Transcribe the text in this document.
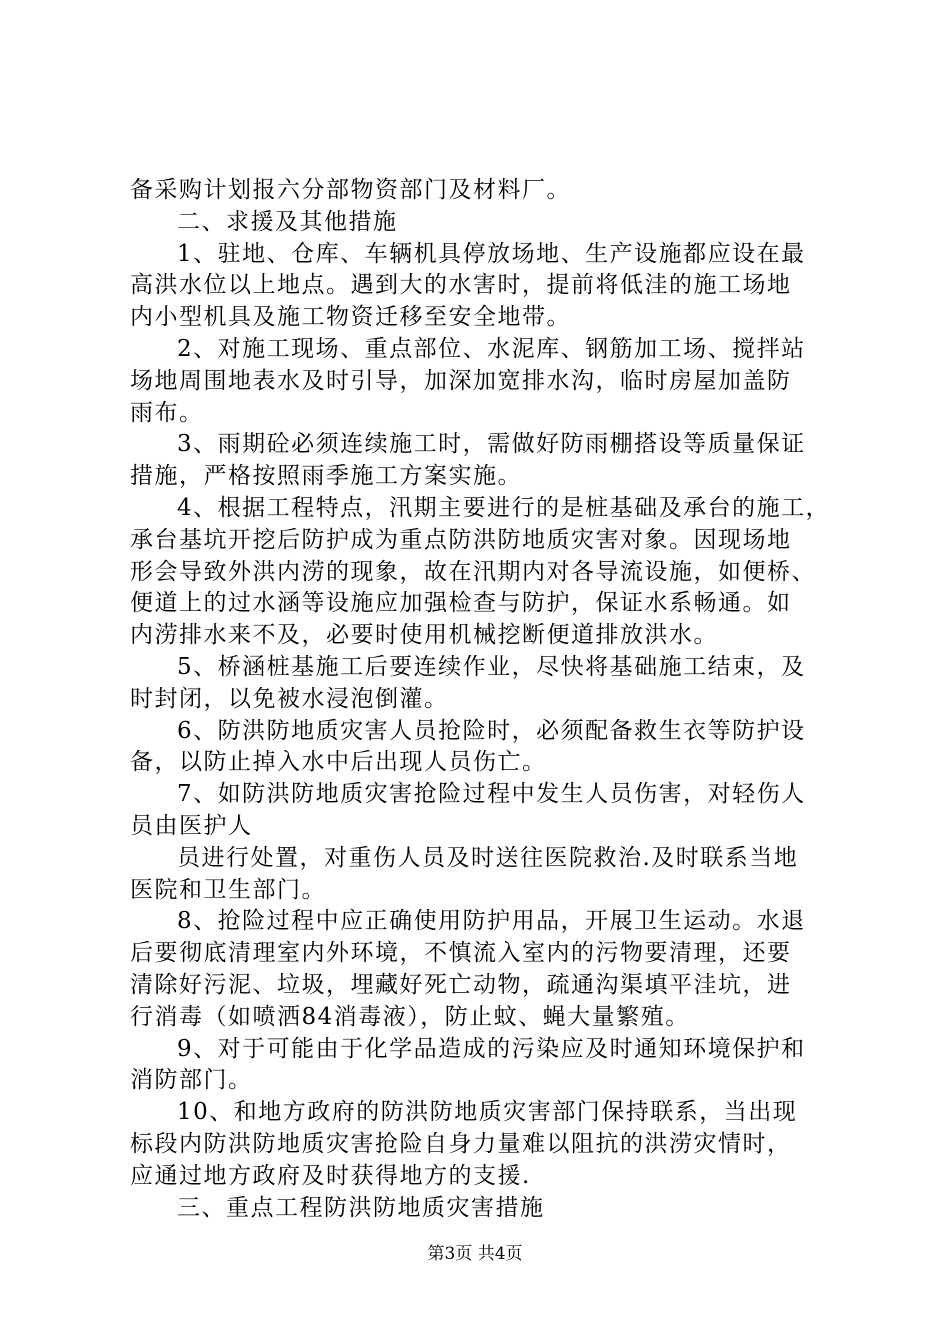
备采购计划报六分部物资部门及材料厂。
二、求援及其他措施
1、驻地、仓库、车辆机具停放场地、生产设施都应设在最
高洪水位以上地点。遇到大的水害时，提前将低洼的施工场地
内小型机具及施工物资迁移至安全地带。
2、对施工现场、重点部位、水泥库、钢筋加工场、搅拌站
场地周围地表水及时引导，加深加宽排水沟，临时房屋加盖防
雨布。
3、雨期砼必须连续施工时，需做好防雨棚搭设等质量保证
措施，严格按照雨季施工方案实施。
4、根据工程特点，汛期主要进行的是桩基础及承台的施工，
承台基坑开挖后防护成为重点防洪防地质灾害对象。因现场地
形会导致外洪内涝的现象，故在汛期内对各导流设施，如便桥、
便道上的过水涵等设施应加强检查与防护，保证水系畅通。如
内涝排水来不及，必要时使用机械挖断便道排放洪水。
5、桥涵桩基施工后要连续作业，尽快将基础施工结束，及
时封闭，以免被水浸泡倒灌。
6、防洪防地质灾害人员抢险时，必须配备救生衣等防护设
备，以防止掉入水中后出现人员伤亡。
7、如防洪防地质灾害抢险过程中发生人员伤害，对轻伤人
员由医护人
员进行处置，对重伤人员及时送往医院救治.及时联系当地
医院和卫生部门。
8、抢险过程中应正确使用防护用品，开展卫生运动。水退
后要彻底清理室内外环境，不慎流入室内的污物要清理，还要
清除好污泥、垃圾，埋藏好死亡动物，疏通沟渠填平洼坑，进
行消毒（如喷洒84消毒液），防止蚊、蝇大量繁殖。
9、对于可能由于化学品造成的污染应及时通知环境保护和
消防部门。
10、和地方政府的防洪防地质灾害部门保持联系，当出现
标段内防洪防地质灾害抢险自身力量难以阻抗的洪涝灾情时，
应通过地方政府及时获得地方的支援.
三、重点工程防洪防地质灾害措施
第3页 共4页
